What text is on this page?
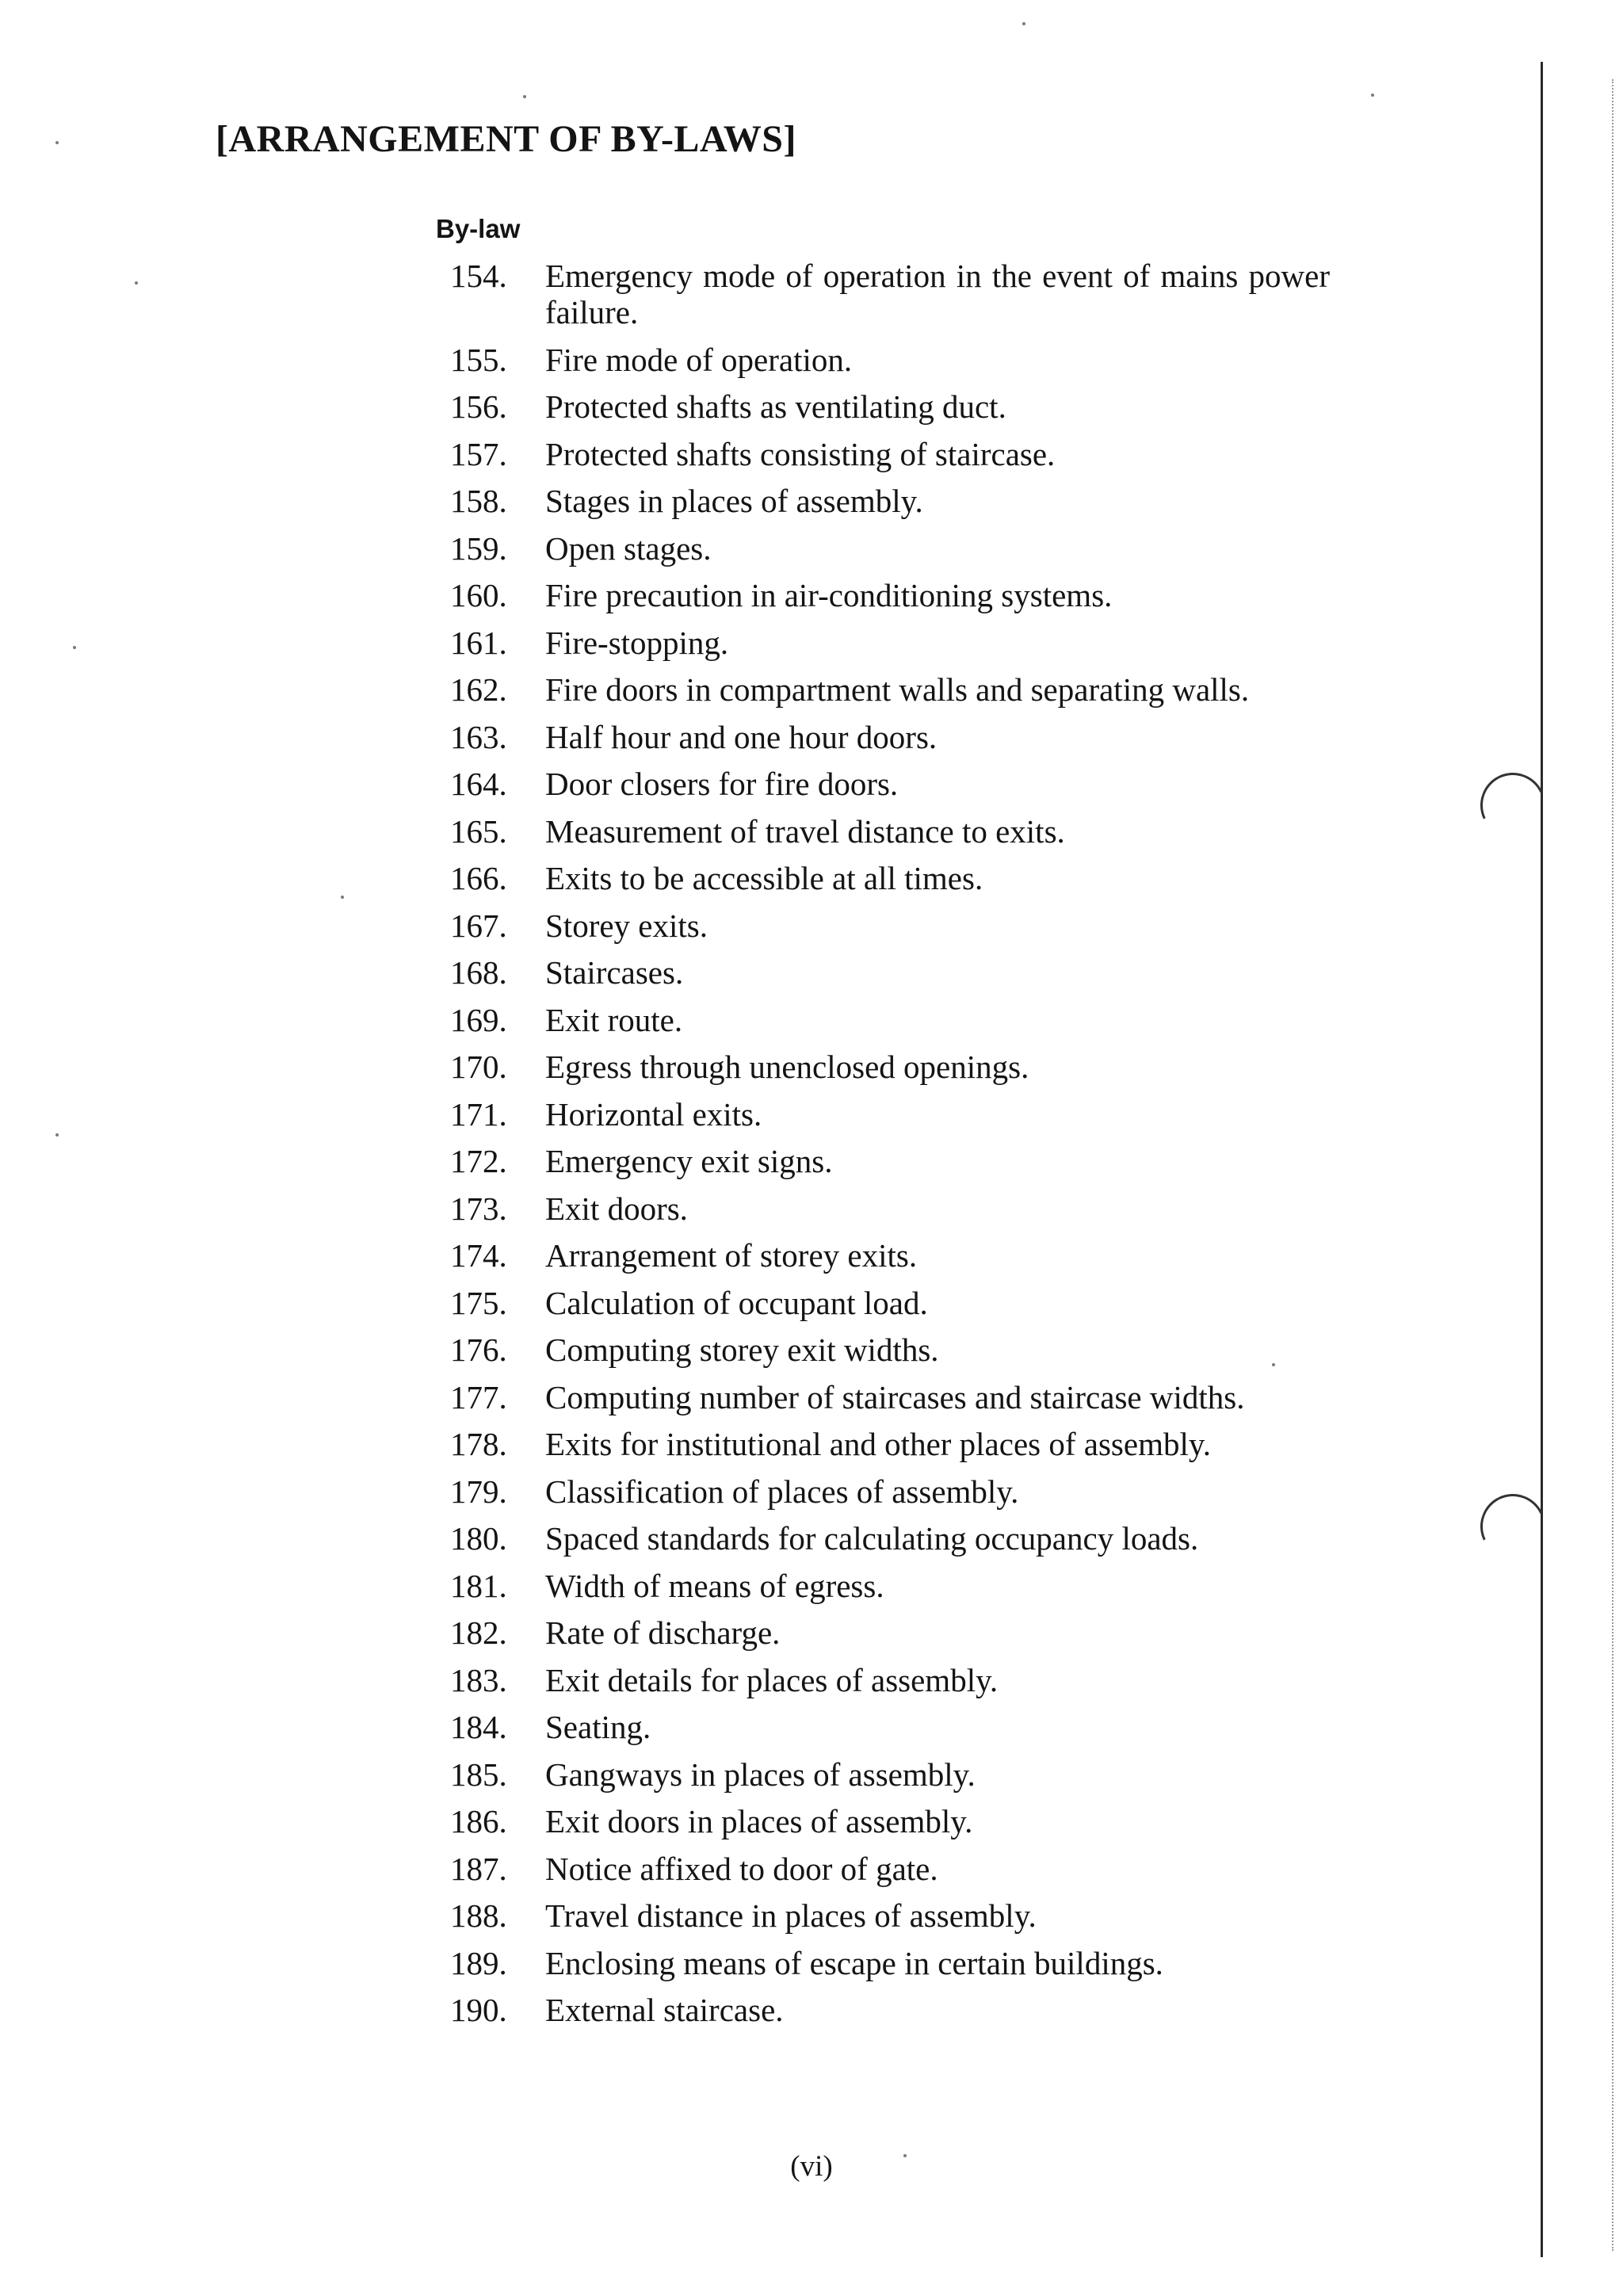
[ARRANGEMENT OF BY-LAWS]
By-law
154.	Emergency mode of operation in the event of mains power failure.
155.	Fire mode of operation.
156.	Protected shafts as ventilating duct.
157.	Protected shafts consisting of staircase.
158.	Stages in places of assembly.
159.	Open stages.
160.	Fire precaution in air-conditioning systems.
161.	Fire-stopping.
162.	Fire doors in compartment walls and separating walls.
163.	Half hour and one hour doors.
164.	Door closers for fire doors.
165.	Measurement of travel distance to exits.
166.	Exits to be accessible at all times.
167.	Storey exits.
168.	Staircases.
169.	Exit route.
170.	Egress through unenclosed openings.
171.	Horizontal exits.
172.	Emergency exit signs.
173.	Exit doors.
174.	Arrangement of storey exits.
175.	Calculation of occupant load.
176.	Computing storey exit widths.
177.	Computing number of staircases and staircase widths.
178.	Exits for institutional and other places of assembly.
179.	Classification of places of assembly.
180.	Spaced standards for calculating occupancy loads.
181.	Width of means of egress.
182.	Rate of discharge.
183.	Exit details for places of assembly.
184.	Seating.
185.	Gangways in places of assembly.
186.	Exit doors in places of assembly.
187.	Notice affixed to door of gate.
188.	Travel distance in places of assembly.
189.	Enclosing means of escape in certain buildings.
190.	External staircase.
(vi)
